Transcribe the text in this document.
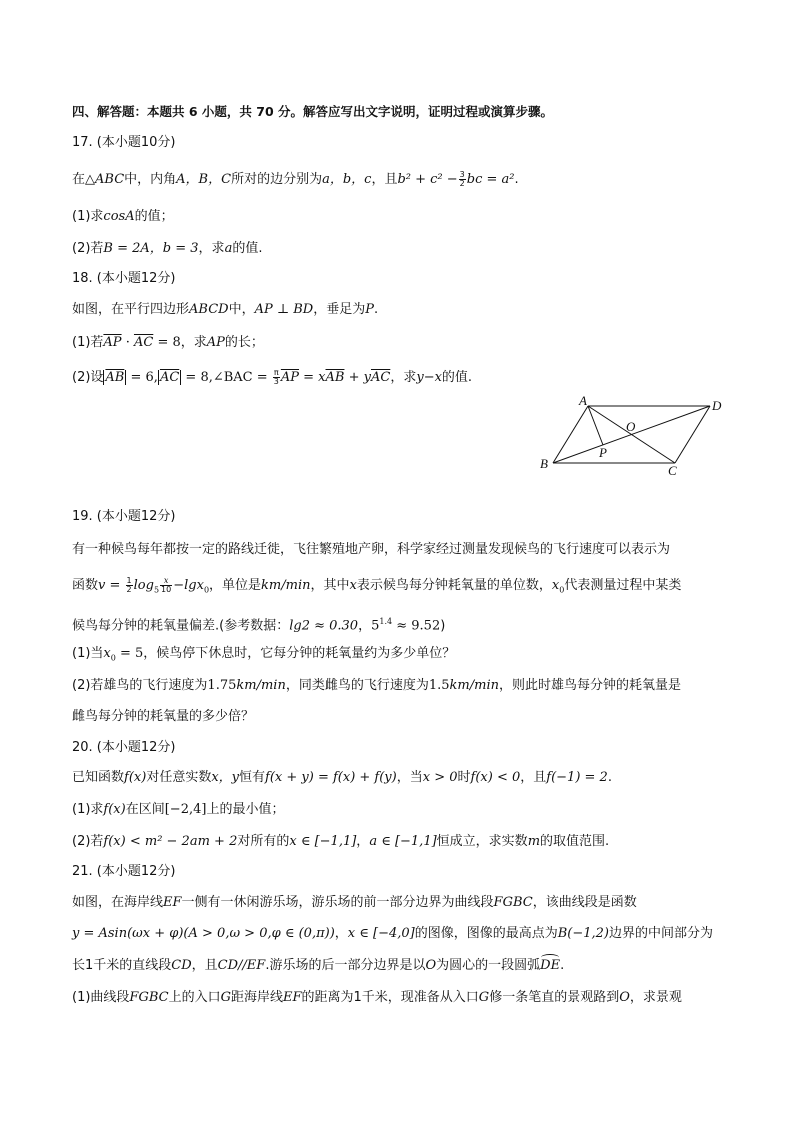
四、解答题：本题共 6 小题，共 70 分。解答应写出文字说明，证明过程或演算步骤。
17. (本小题10分)
在△ABC中，内角A，B，C所对的边分别为a，b，c，且$b^2 + c^2 - \frac{3}{2}$ bc = a².
(1)求cosA的值；
(2)若B = 2A，b = 3，求a的值.
18. (本小题12分)
如图，在平行四边形ABCD中，AP ⊥ BD，垂足为P.
(1)若$\overline{AP} \cdot \overline{AC} = 8$，求AP的长；
(2)设 $\overline{AB} = 6$, $\overline{AC}$ = 8,∠BAC = $\frac{\pi}{3} \overline{AP} = x\overline{AB} + y\overline{AC}$，求y−x的值.
A	D
B	C
O
P
19. (本小题12分)
有一种候鸟每年都按一定的路线迁徙，飞往繁殖地产卵，科学家经过测量发现候鸟的飞行速度可以表示为
函数$v = \frac{1}{2} \log_5 \frac{x}{10} -\lg x_0$，单位是km/min，其中x表示候鸟每分钟耗氧量的单位数，$x_0$代表测量过程中某类
候鸟每分钟的耗氧量偏差.(参考数据：lg2 ≈ 0.30，$5^{1.4} \approx 9.52$)
(1)当$x_0 = 5$，候鸟停下休息时，它每分钟的耗氧量约为多少单位？
(2)若雄鸟的飞行速度为1.75km/min，同类雌鸟的飞行速度为1.5km/min，则此时雄鸟每分钟的耗氧量是
雌鸟每分钟的耗氧量的多少倍？
20. (本小题12分)
已知函数f(x)对任意实数x，y恒有f(x + y) = f(x) + f(y)，当x > 0时f(x) < 0，且f(−1) = 2.
(1)求f(x)在区间[−2,4]上的最小值；
(2)若f(x) < m² − 2am + 2对所有的x ∈ [−1,1]，a ∈ [−1,1]恒成立，求实数m的取值范围.
21. (本小题12分)
如图，在海岸线EF一侧有一休闲游乐场，游乐场的前一部分边界为曲线段FGBC，该曲线段是函数
y = Asin(ωx + φ)(A > 0,ω > 0,φ ∈ (0,π))，x ∈ [−4,0]的图像，图像的最高点为B(−1,2)边界的中间部分为
长1千米的直线段CD，且CD//EF.游乐场的后一部分边界是以O为圆心的一段圆弧DE.
(1)曲线段FGBC上的入口G距海岸线EF的距离为1千米，现准备从入口G修一条笔直的景观路到O，求景观
